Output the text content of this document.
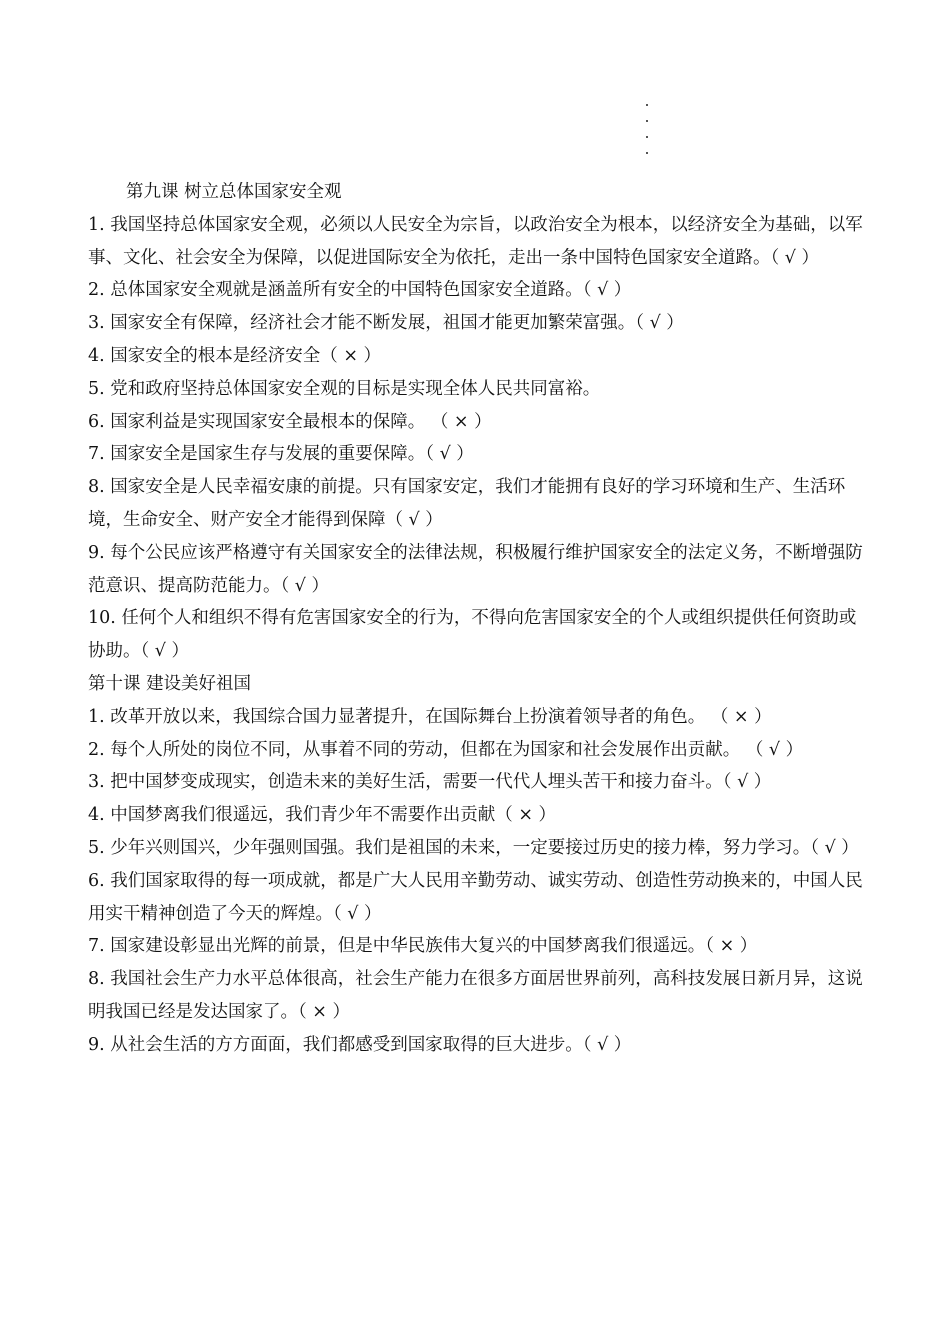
第九课 树立总体国家安全观

1. 我国坚持总体国家安全观，必须以人民安全为宗旨，以政治安全为根本，以经济安全为基础，以军事、文化、社会安全为保障，以促进国际安全为依托，走出一条中国特色国家安全道路。（ √ ）

2. 总体国家安全观就是涵盖所有安全的中国特色国家安全道路。（ √ ）

3. 国家安全有保障，经济社会才能不断发展，祖国才能更加繁荣富强。（ √ ）

4. 国家安全的根本是经济安全（ × ）

5. 党和政府坚持总体国家安全观的目标是实现全体人民共同富裕。

6. 国家利益是实现国家安全最根本的保障。 （ × ）

7. 国家安全是国家生存与发展的重要保障。（ √ ）

8. 国家安全是人民幸福安康的前提。只有国家安定，我们才能拥有良好的学习环境和生产、生活环境，生命安全、财产安全才能得到保障（ √ ）

9. 每个公民应该严格遵守有关国家安全的法律法规，积极履行维护国家安全的法定义务，不断增强防范意识、提高防范能力。（ √ ）

10. 任何个人和组织不得有危害国家安全的行为，不得向危害国家安全的个人或组织提供任何资助或协助。（ √ ）

第十课 建设美好祖国

1. 改革开放以来，我国综合国力显著提升，在国际舞台上扮演着领导者的角色。 （ × ）

2. 每个人所处的岗位不同，从事着不同的劳动，但都在为国家和社会发展作出贡献。 （ √ ）

3. 把中国梦变成现实，创造未来的美好生活，需要一代代人埋头苦干和接力奋斗。（ √ ）

4. 中国梦离我们很遥远，我们青少年不需要作出贡献（ × ）

5. 少年兴则国兴，少年强则国强。我们是祖国的未来，一定要接过历史的接力棒，努力学习。（ √ ）

6. 我们国家取得的每一项成就，都是广大人民用辛勤劳动、诚实劳动、创造性劳动换来的，中国人民用实干精神创造了今天的辉煌。（ √ ）

7. 国家建设彰显出光辉的前景，但是中华民族伟大复兴的中国梦离我们很遥远。（ × ）

8. 我国社会生产力水平总体很高，社会生产能力在很多方面居世界前列，高科技发展日新月异，这说明我国已经是发达国家了。（ × ）

9. 从社会生活的方方面面，我们都感受到国家取得的巨大进步。（ √ ）
